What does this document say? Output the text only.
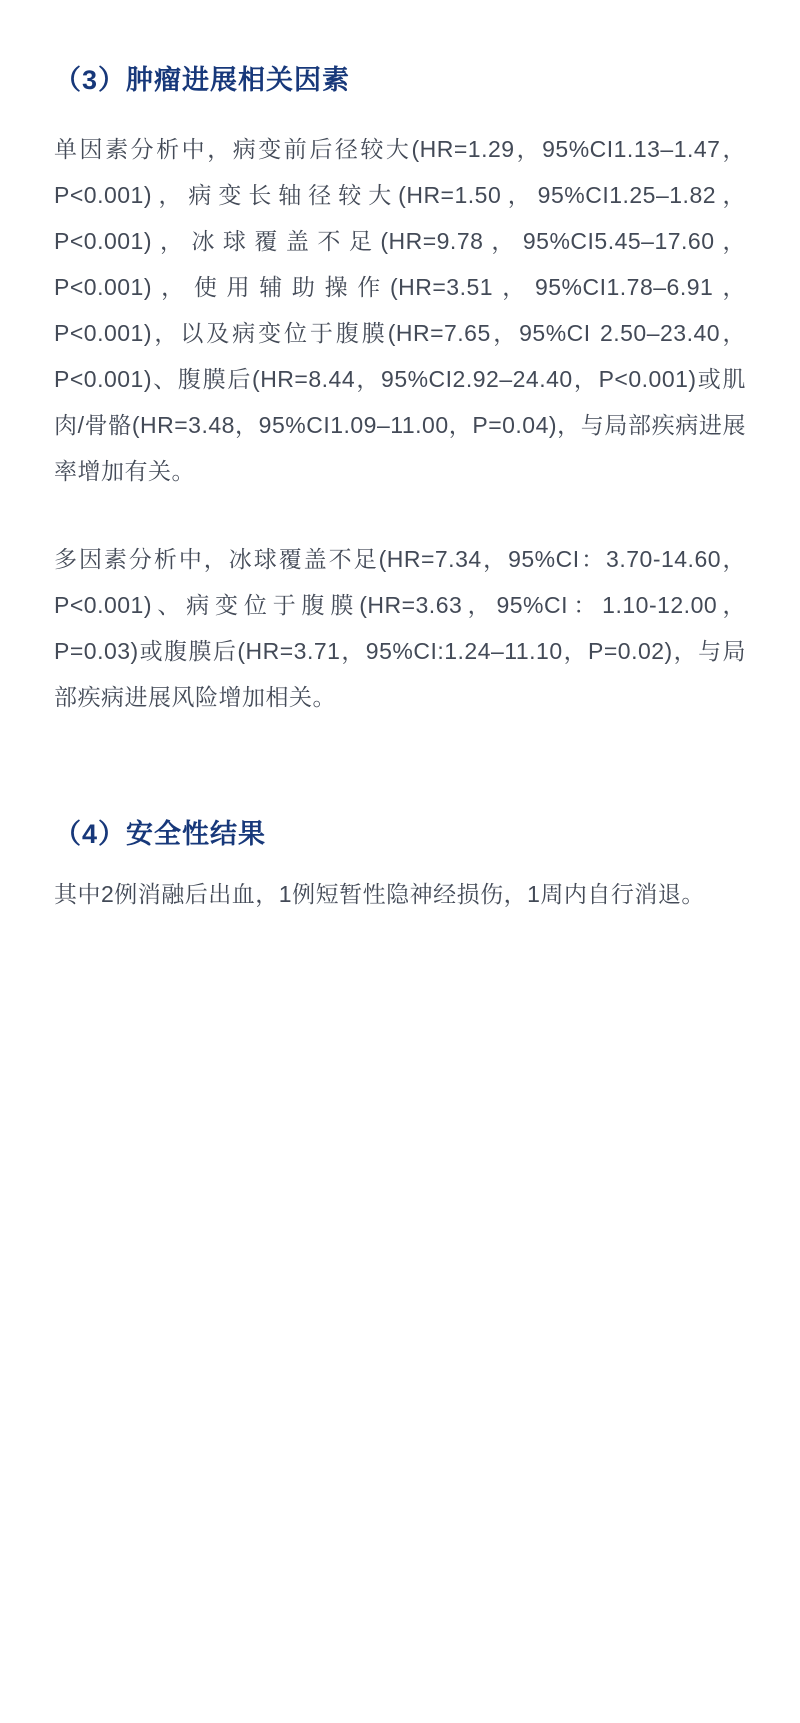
（3）肿瘤进展相关因素

单因素分析中，病变前后径较大(HR=1.29，95%CI1.13–1.47，P<0.001)，病变长轴径较大(HR=1.50，95%CI1.25–1.82，P<0.001)，冰球覆盖不足(HR=9.78，95%CI5.45–17.60，P<0.001)，使用辅助操作(HR=3.51，95%CI1.78–6.91，P<0.001)，以及病变位于腹膜(HR=7.65，95%CI 2.50–23.40，P<0.001)、腹膜后(HR=8.44，95%CI2.92–24.40，P<0.001)或肌肉/骨骼(HR=3.48，95%CI1.09–11.00，P=0.04)，与局部疾病进展率增加有关。

多因素分析中，冰球覆盖不足(HR=7.34，95%CI：3.70-14.60，P<0.001)、病变位于腹膜(HR=3.63，95%CI：1.10-12.00，P=0.03)或腹膜后(HR=3.71，95%CI:1.24–11.10，P=0.02)，与局部疾病进展风险增加相关。

（4）安全性结果

其中2例消融后出血，1例短暂性隐神经损伤，1周内自行消退。
